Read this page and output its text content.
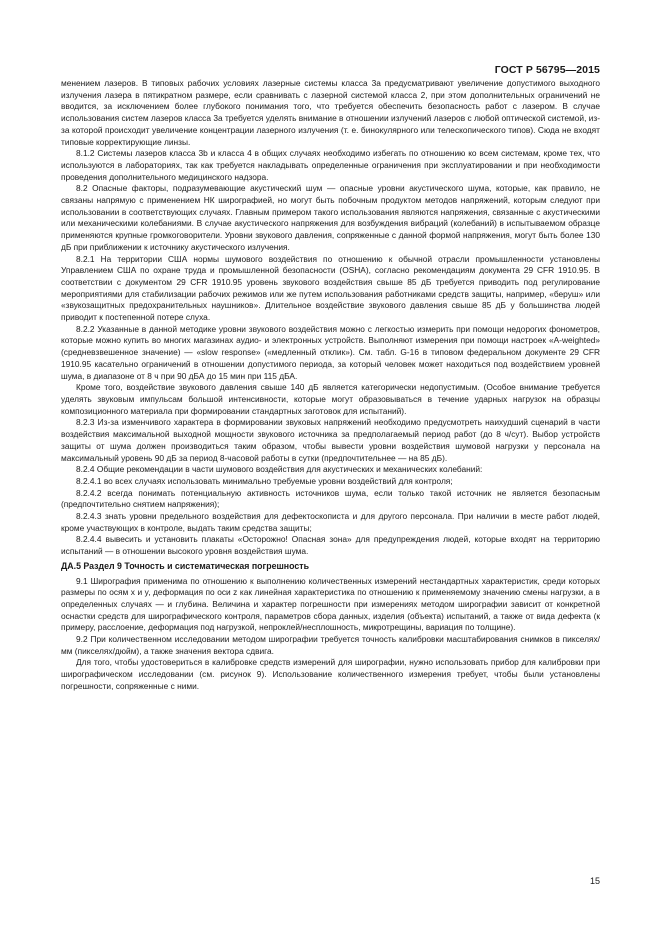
ГОСТ Р 56795—2015

менением лазеров. В типовых рабочих условиях лазерные системы класса 3а предусматривают увеличение допустимого выходного излучения лазера в пятикратном размере, если сравнивать с лазерной системой класса 2, при этом дополнительных ограничений не вводится, за исключением более глубокого понимания того, что требуется обеспечить безопасность работ с лазером. В случае использования систем лазеров класса 3а требуется уделять внимание в отношении излучений лазеров с любой оптической системой, из-за которой происходит увеличение концентрации лазерного излучения (т. е. бинокулярного или телескопического типов). Сюда не входят типовые корректирующие линзы.

8.1.2 Системы лазеров класса 3b и класса 4 в общих случаях необходимо избегать по отношению ко всем системам, кроме тех, что используются в лабораториях, так как требуется накладывать определенные ограничения при эксплуатировании и при необходимости проведения дополнительного медицинского надзора.

8.2 Опасные факторы, подразумевающие акустический шум — опасные уровни акустического шума, которые, как правило, не связаны напрямую с применением НК ширографией, но могут быть побочным продуктом методов напряжений, которым следуют при использовании в соответствующих случаях. Главным примером такого использования являются напряжения, связанные с акустическими или механическими колебаниями. В случае акустического напряжения для возбуждения вибраций (колебаний) в испытываемом образце применяются крупные громкоговорители. Уровни звукового давления, сопряженные с данной формой напряжения, могут быть более 130 дБ при приближении к источнику акустического излучения.

8.2.1 На территории США нормы шумового воздействия по отношению к обычной отрасли промышленности установлены Управлением США по охране труда и промышленной безопасности (OSHA), согласно рекомендациям документа 29 CFR 1910.95. В соответствии с документом 29 CFR 1910.95 уровень звукового воздействия свыше 85 дБ требуется приводить под регулирование мероприятиями для стабилизации рабочих режимов или же путем использования работниками средств защиты, например, «беруш» или «звукозащитных предохранительных наушников». Длительное воздействие звукового давления свыше 85 дБ у большинства людей приводит к постепенной потере слуха.

8.2.2 Указанные в данной методике уровни звукового воздействия можно с легкостью измерить при помощи недорогих фонометров, которые можно купить во многих магазинах аудио- и электронных устройств. Выполняют измерения при помощи настроек «A-weighted» (средневзвешенное значение) — «slow response» («медленный отклик»). См. табл. G-16 в типовом федеральном документе 29 CFR 1910.95 касательно ограничений в отношении допустимого периода, за который человек может находиться под воздействием уровней шума, в диапазоне от 8 ч при 90 дБА до 15 мин при 115 дБА.

Кроме того, воздействие звукового давления свыше 140 дБ является категорически недопустимым. (Особое внимание требуется уделять звуковым импульсам большой интенсивности, которые могут образовываться в течение ударных нагрузок на образцы композиционного материала при формировании стандартных заготовок для испытаний).

8.2.3 Из-за изменчивого характера в формировании звуковых напряжений необходимо предусмотреть наихудший сценарий в части воздействия максимальной выходной мощности звукового источника за предполагаемый период работ (до 8 ч/сут). Выбор устройств защиты от шума должен производиться таким образом, чтобы вывести уровни воздействия шумовой нагрузки у персонала на максимальный уровень 90 дБ за период 8-часовой работы в сутки (предпочтительнее — на 85 дБ).

8.2.4 Общие рекомендации в части шумового воздействия для акустических и механических колебаний:

8.2.4.1 во всех случаях использовать минимально требуемые уровни воздействий для контроля;

8.2.4.2 всегда понимать потенциальную активность источников шума, если только такой источник не является безопасным (предпочтительно снятием напряжения);

8.2.4.3 знать уровни предельного воздействия для дефектоскописта и для другого персонала. При наличии в месте работ людей, кроме участвующих в контроле, выдать таким средства защиты;

8.2.4.4 вывесить и установить плакаты «Осторожно! Опасная зона» для предупреждения людей, которые входят на территорию испытаний — в отношении высокого уровня воздействия шума.

ДА.5 Раздел 9 Точность и систематическая погрешность

9.1 Ширография применима по отношению к выполнению количественных измерений нестандартных характеристик, среди которых размеры по осям x и y, деформация по оси z как линейная характеристика по отношению к применяемому значению смены нагрузки, а в определенных случаях — и глубина. Величина и характер погрешности при измерениях методом ширографии зависит от конкретной оснастки средств для ширографического контроля, параметров сбора данных, изделия (объекта) испытаний, а также от вида дефекта (к примеру, расслоение, деформация под нагрузкой, непроклей/несплошность, микротрещины, вариация по толщине).

9.2 При количественном исследовании методом ширографии требуется точность калибровки масштабирования снимков в пикселях/мм (пикселях/дюйм), а также значения вектора сдвига.

Для того, чтобы удостовериться в калибровке средств измерений для ширографии, нужно использовать прибор для калибровки при ширографическом исследовании (см. рисунок 9). Использование количественного измерения требует, чтобы были установлены погрешности, сопряженные с ними.

15
